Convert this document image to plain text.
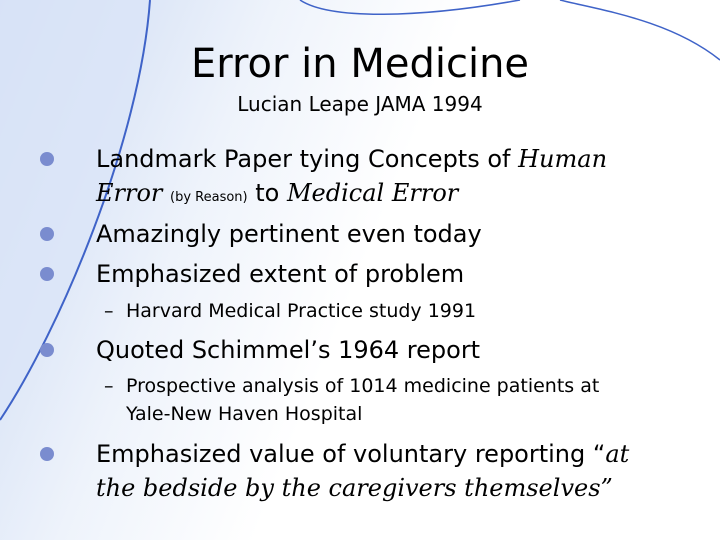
Error in Medicine
Lucian Leape JAMA 1994
Landmark Paper tying Concepts of Human
Error (by Reason) to Medical Error
Amazingly pertinent even today
Emphasized extent of problem
– Harvard Medical Practice study 1991
Quoted Schimmel’s 1964 report
– Prospective analysis of 1014 medicine patients at
Yale-New Haven Hospital
Emphasized value of voluntary reporting “at
the bedside by the caregivers themselves”
